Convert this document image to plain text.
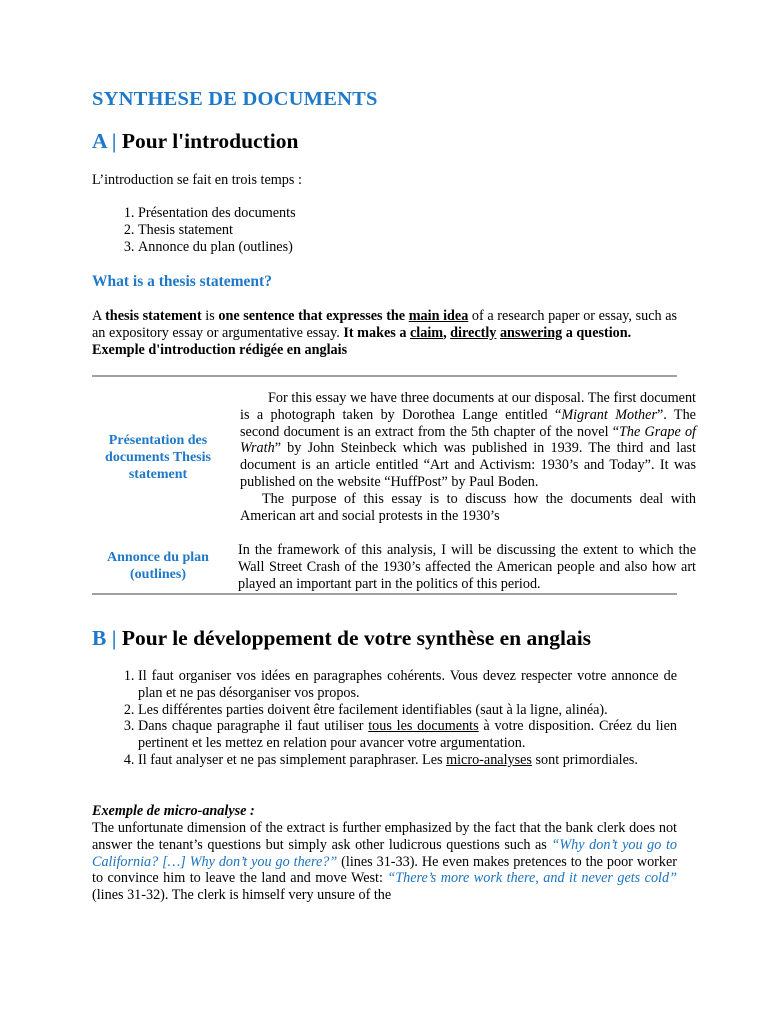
SYNTHESE DE DOCUMENTS
A | Pour l'introduction

L’introduction se fait en trois temps :

1. Présentation des documents
2. Thesis statement
3. Annonce du plan (outlines)
What is a thesis statement?

A thesis statement is one sentence that expresses the main idea of a research paper or essay, such as an expository essay or argumentative essay. It makes a claim, directly answering a question.

Exemple d'introduction rédigée en anglais

Présentation des documents Thesis statement
Annonce du plan (outlines)

For this essay we have three documents at our disposal. The first document is a photograph taken by Dorothea Lange entitled “Migrant Mother”. The second document is an extract from the 5th chapter of the novel “The Grape of Wrath” by John Steinbeck which was published in 1939. The third and last document is an article entitled “Art and Activism: 1930’s and Today”. It was published on the website “HuffPost” by Paul Boden.

The purpose of this essay is to discuss how the documents deal with American art and social protests in the 1930’s

In the framework of this analysis, I will be discussing the extent to which the Wall Street Crash of the 1930’s affected the American people and also how art played an important part in the politics of this period.

B | Pour le développement de votre synthèse en anglais
1. Il faut organiser vos idées en paragraphes cohérents. Vous devez respecter votre annonce de plan et ne pas désorganiser vos propos.
2. Les différentes parties doivent être facilement identifiables (saut à la ligne, alinéa).
3. Dans chaque paragraphe il faut utiliser tous les documents à votre disposition. Créez du lien pertinent et les mettez en relation pour avancer votre argumentation.
4. Il faut analyser et ne pas simplement paraphraser. Les micro-analyses sont primordiales.

Exemple de micro-analyse :

The unfortunate dimension of the extract is further emphasized by the fact that the bank clerk does not answer the tenant’s questions but simply ask other ludicrous questions such as “Why don’t you go to California? […] Why don’t you go there?” (lines 31-33). He even makes pretences to the poor worker to convince him to leave the land and move West: “There’s more work there, and it never gets cold” (lines 31-32). The clerk is himself very unsure of the
